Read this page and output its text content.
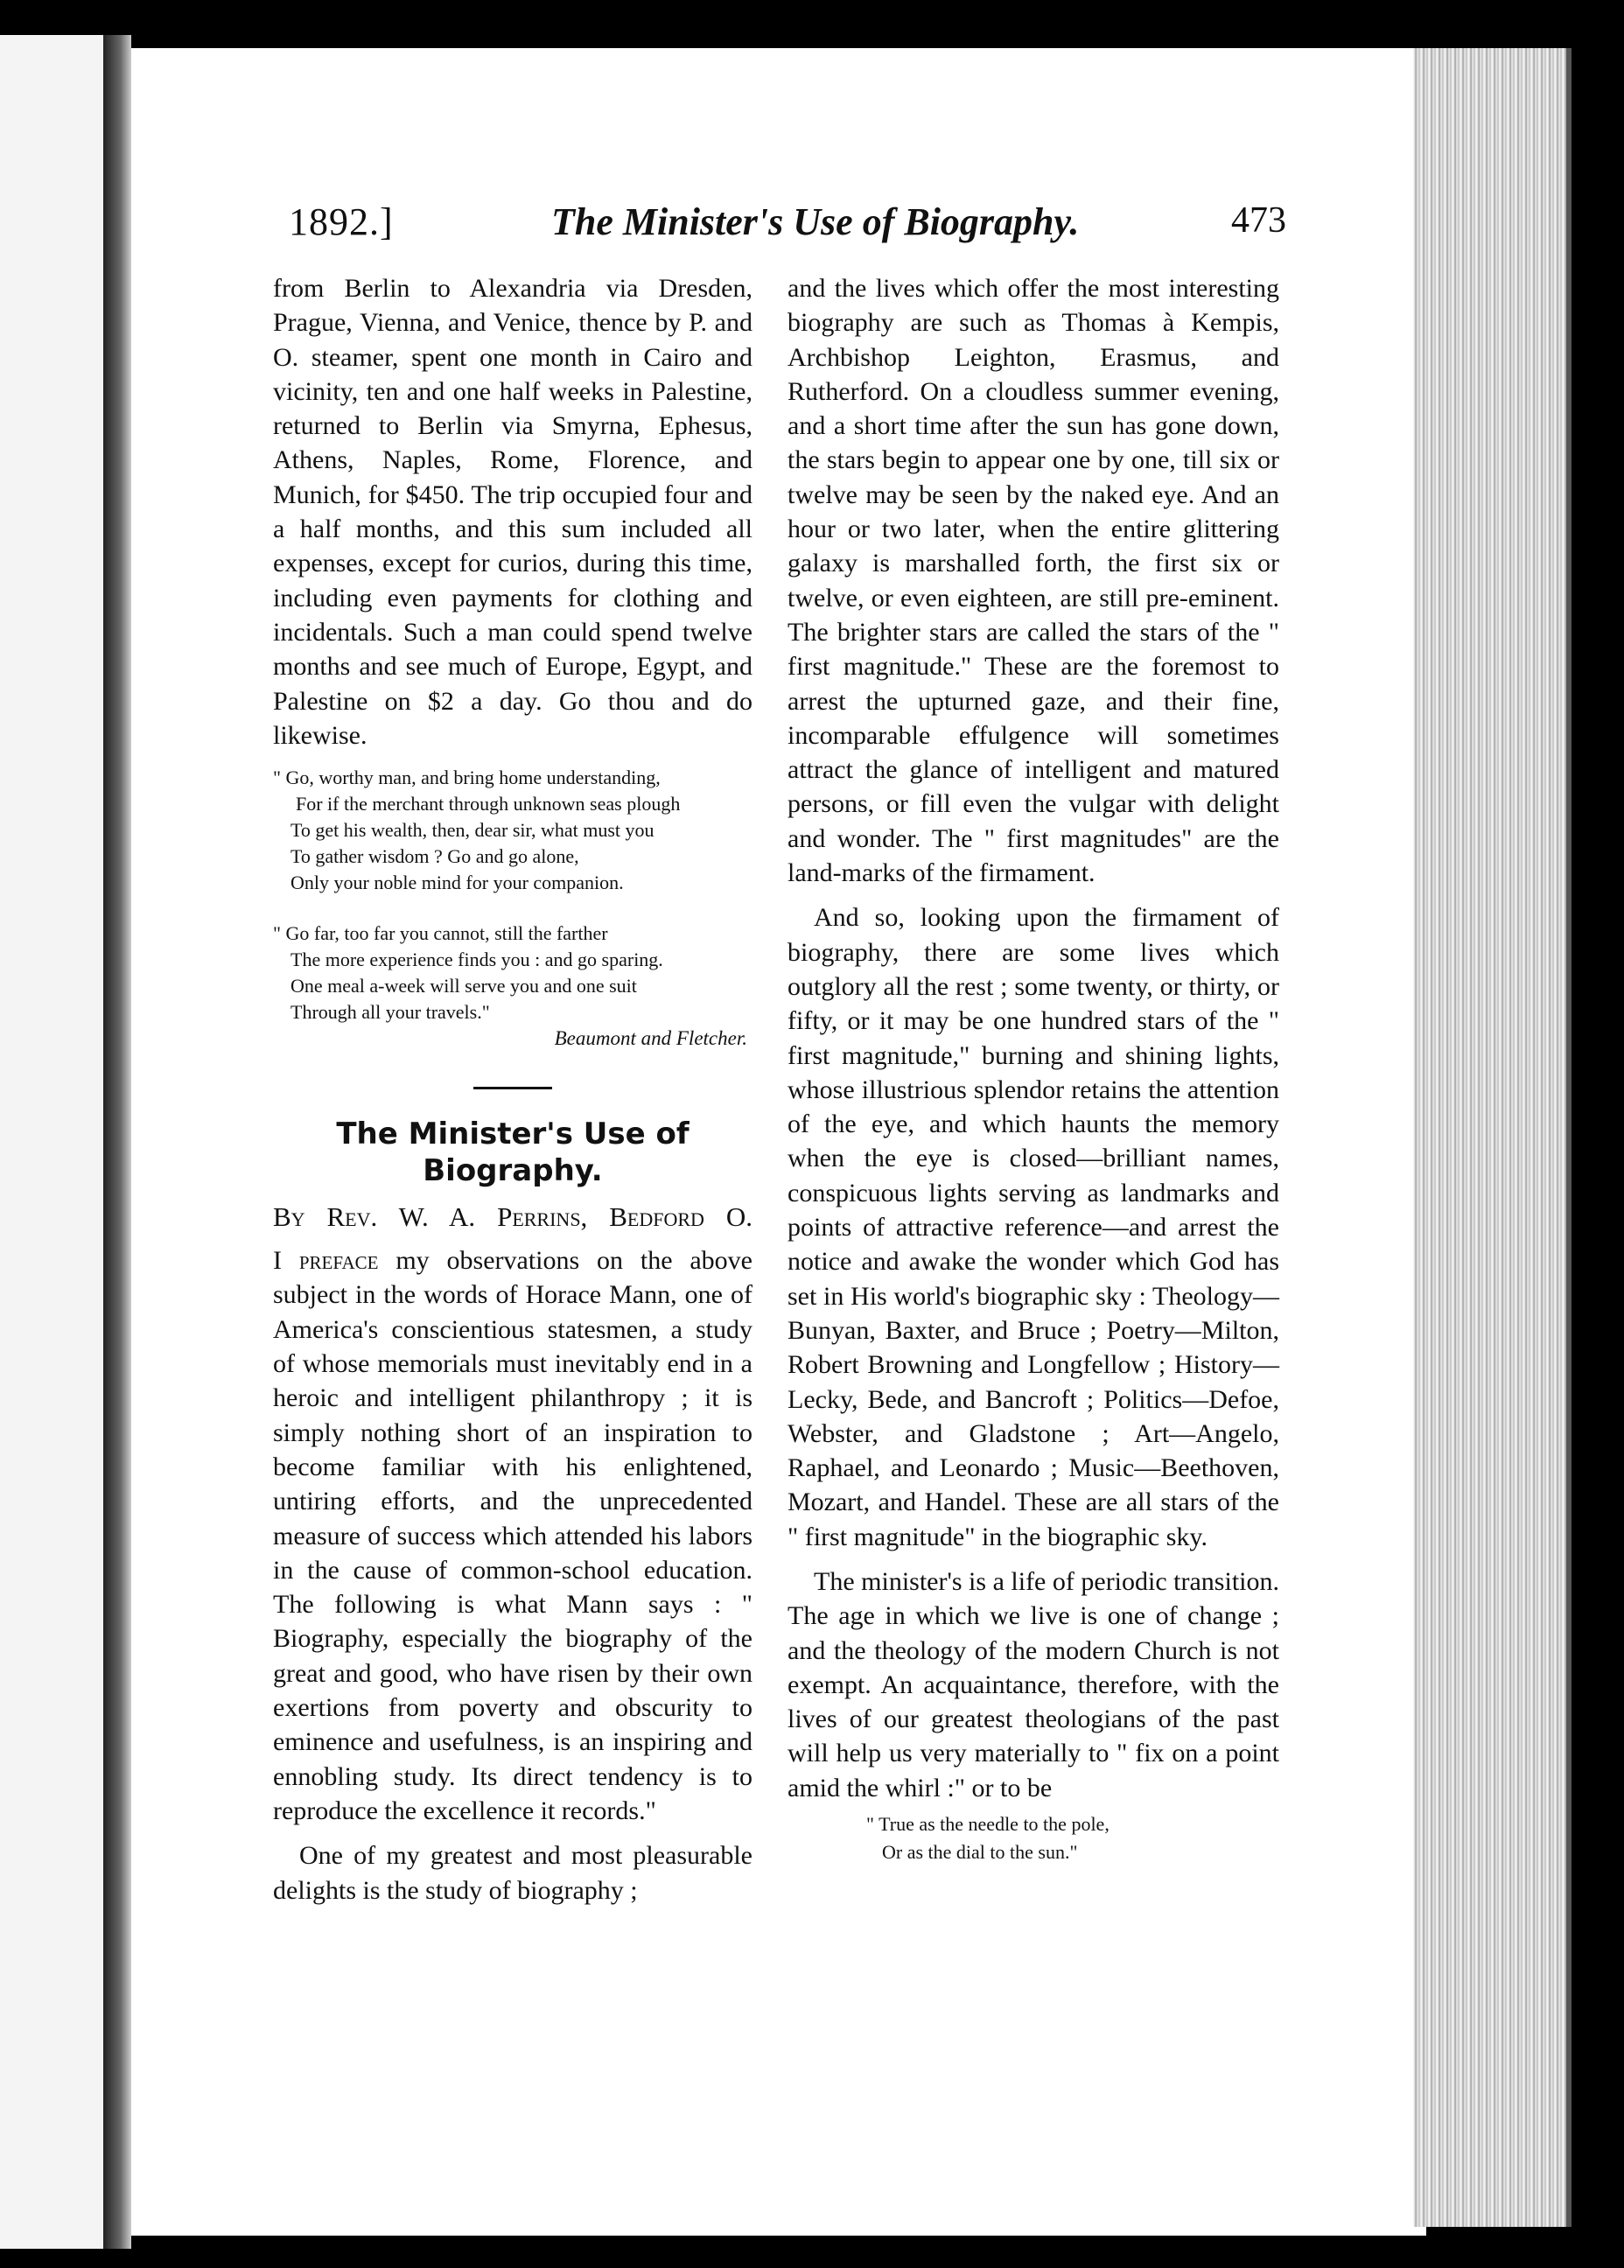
1892.]	The Minister's Use of Biography.	473

from Berlin to Alexandria via Dresden, Prague, Vienna, and Venice, thence by P. and O. steamer, spent one month in Cairo and vicinity, ten and one half weeks in Palestine, returned to Berlin via Smyrna, Ephesus, Athens, Naples, Rome, Florence, and Munich, for $450. The trip occupied four and a half months, and this sum included all expenses, except for curios, during this time, including even payments for clothing and incidentals. Such a man could spend twelve months and see much of Europe, Egypt, and Palestine on $2 a day. Go thou and do likewise.

" Go, worthy man, and bring home understanding,
For if the merchant through unknown seas plough
To get his wealth, then, dear sir, what must you
To gather wisdom ? Go and go alone,
Only your noble mind for your companion.
" Go far, too far you cannot, still the farther
The more experience finds you : and go sparing.
One meal a-week will serve you and one suit
Through all your travels."
Beaumont and Fletcher.
The Minister's Use of Biography.
By Rev. W. A. Perrins, Bedford O.

I preface my observations on the above subject in the words of Horace Mann, one of America's conscientious statesmen, a study of whose memorials must inevitably end in a heroic and intelligent philanthropy ; it is simply nothing short of an inspiration to become familiar with his enlightened, untiring efforts, and the unprecedented measure of success which attended his labors in the cause of common-school education. The following is what Mann says : " Biography, especially the biography of the great and good, who have risen by their own exertions from poverty and obscurity to eminence and usefulness, is an inspiring and ennobling study. Its direct tendency is to reproduce the excellence it records."

One of my greatest and most pleasurable delights is the study of biography ;

and the lives which offer the most interesting biography are such as Thomas à Kempis, Archbishop Leighton, Erasmus, and Rutherford. On a cloudless summer evening, and a short time after the sun has gone down, the stars begin to appear one by one, till six or twelve may be seen by the naked eye. And an hour or two later, when the entire glittering galaxy is marshalled forth, the first six or twelve, or even eighteen, are still pre-eminent. The brighter stars are called the stars of the " first magnitude." These are the foremost to arrest the upturned gaze, and their fine, incomparable effulgence will sometimes attract the glance of intelligent and matured persons, or fill even the vulgar with delight and wonder. The " first magnitudes" are the land-marks of the firmament.

And so, looking upon the firmament of biography, there are some lives which outglory all the rest ; some twenty, or thirty, or fifty, or it may be one hundred stars of the " first magnitude," burning and shining lights, whose illustrious splendor retains the attention of the eye, and which haunts the memory when the eye is closed—brilliant names, conspicuous lights serving as landmarks and points of attractive reference—and arrest the notice and awake the wonder which God has set in His world's biographic sky : Theology—Bunyan, Baxter, and Bruce ; Poetry—Milton, Robert Browning and Longfellow ; History—Lecky, Bede, and Bancroft ; Politics—Defoe, Webster, and Gladstone ; Art—Angelo, Raphael, and Leonardo ; Music—Beethoven, Mozart, and Handel. These are all stars of the " first magnitude" in the biographic sky.

The minister's is a life of periodic transition. The age in which we live is one of change ; and the theology of the modern Church is not exempt. An acquaintance, therefore, with the lives of our greatest theologians of the past will help us very materially to " fix on a point amid the whirl :" or to be

" True as the needle to the pole,
Or as the dial to the sun."
